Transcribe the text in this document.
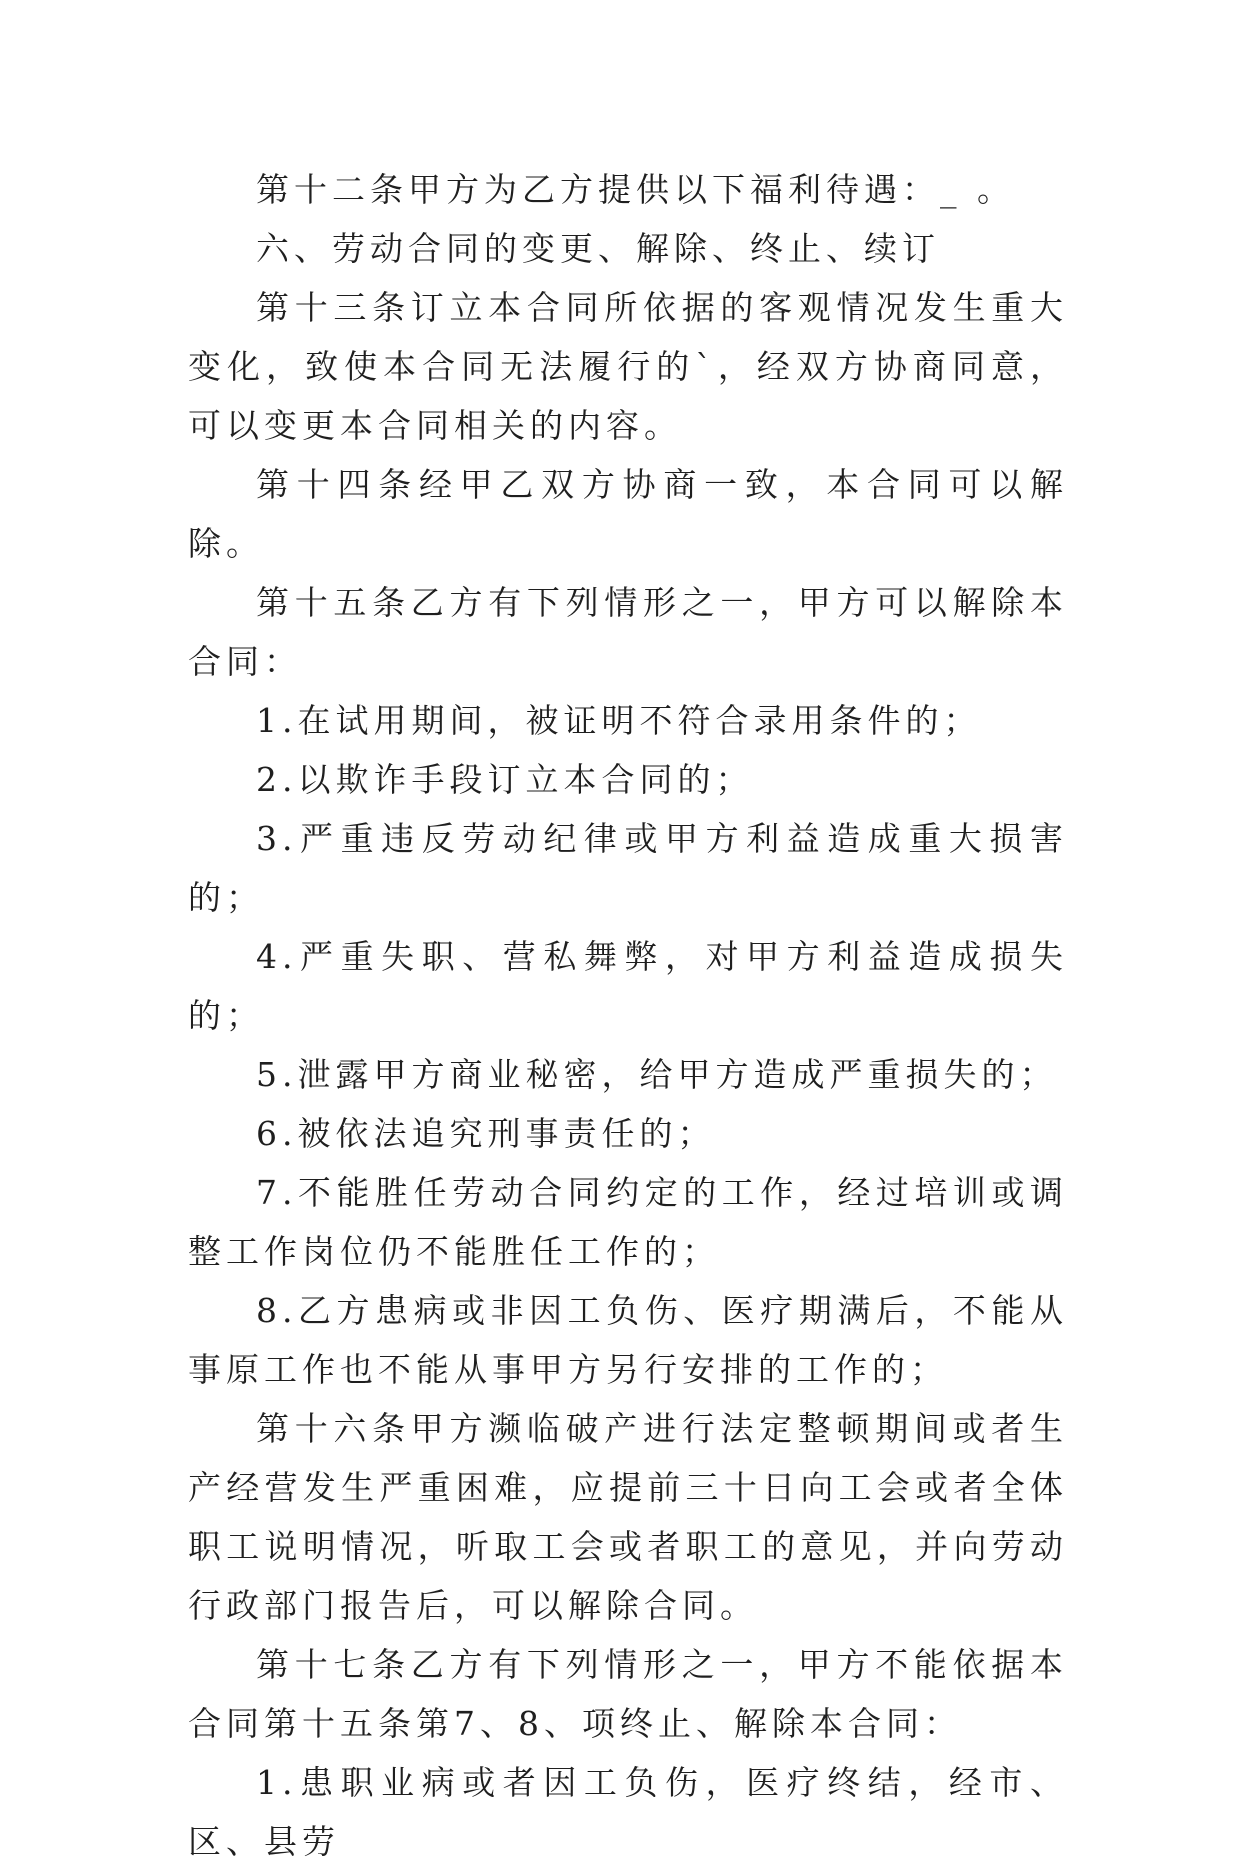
第十二条甲方为乙方提供以下福利待遇：_ 。

六、劳动合同的变更、解除、终止、续订

第十三条订立本合同所依据的客观情况发生重大变化，致使本合同无法履行的`，经双方协商同意，可以变更本合同相关的内容。

第十四条经甲乙双方协商一致，本合同可以解除。

第十五条乙方有下列情形之一，甲方可以解除本合同：

1.在试用期间，被证明不符合录用条件的；

2.以欺诈手段订立本合同的；

3.严重违反劳动纪律或甲方利益造成重大损害的；

4.严重失职、营私舞弊，对甲方利益造成损失的；

5.泄露甲方商业秘密，给甲方造成严重损失的；

6.被依法追究刑事责任的；

7.不能胜任劳动合同约定的工作，经过培训或调整工作岗位仍不能胜任工作的；

8.乙方患病或非因工负伤、医疗期满后，不能从事原工作也不能从事甲方另行安排的工作的；

第十六条甲方濒临破产进行法定整顿期间或者生产经营发生严重困难，应提前三十日向工会或者全体职工说明情况，听取工会或者职工的意见，并向劳动行政部门报告后，可以解除合同。

第十七条乙方有下列情形之一，甲方不能依据本合同第十五条第7、8、项终止、解除本合同：

1.患职业病或者因工负伤，医疗终结，经市、区、县劳
